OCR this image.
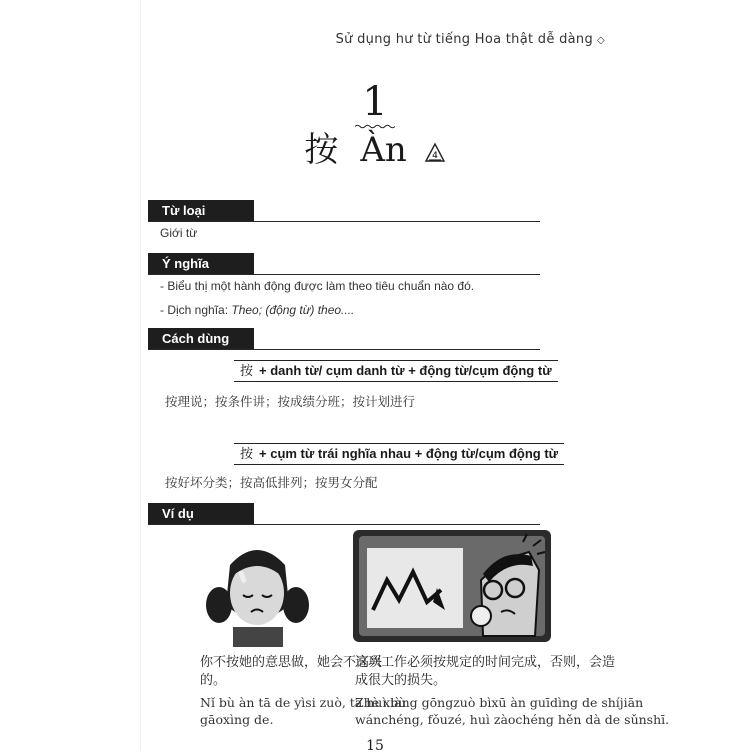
Sử dụng hư từ tiếng Hoa thật dễ dàng ◇
1
按 Àn	4
Từ loại
Giới từ
Ý nghĩa
- Biểu thị một hành động được làm theo tiêu chuẩn nào đó.
- Dịch nghĩa: Theo; (động từ) theo....
Cách dùng
按 + danh từ/ cụm danh từ + động từ/cụm động từ
按理说；按条件讲；按成绩分班；按计划进行
按 + cụm từ trái nghĩa nhau + động từ/cụm động từ
按好坏分类；按高低排列；按男女分配
Ví dụ
你不按她的意思做，她会不高兴
的。
Nǐ bù àn tā de yìsi zuò, tā huì bù
gāoxìng de.
这项工作必须按规定的时间完成，否则，会造
成很大的损失。
Zhè xiàng gōngzuò bìxū àn guīdìng de shíjiān
wánchéng, fǒuzé, huì zàochéng hěn dà de sǔnshī.
15
